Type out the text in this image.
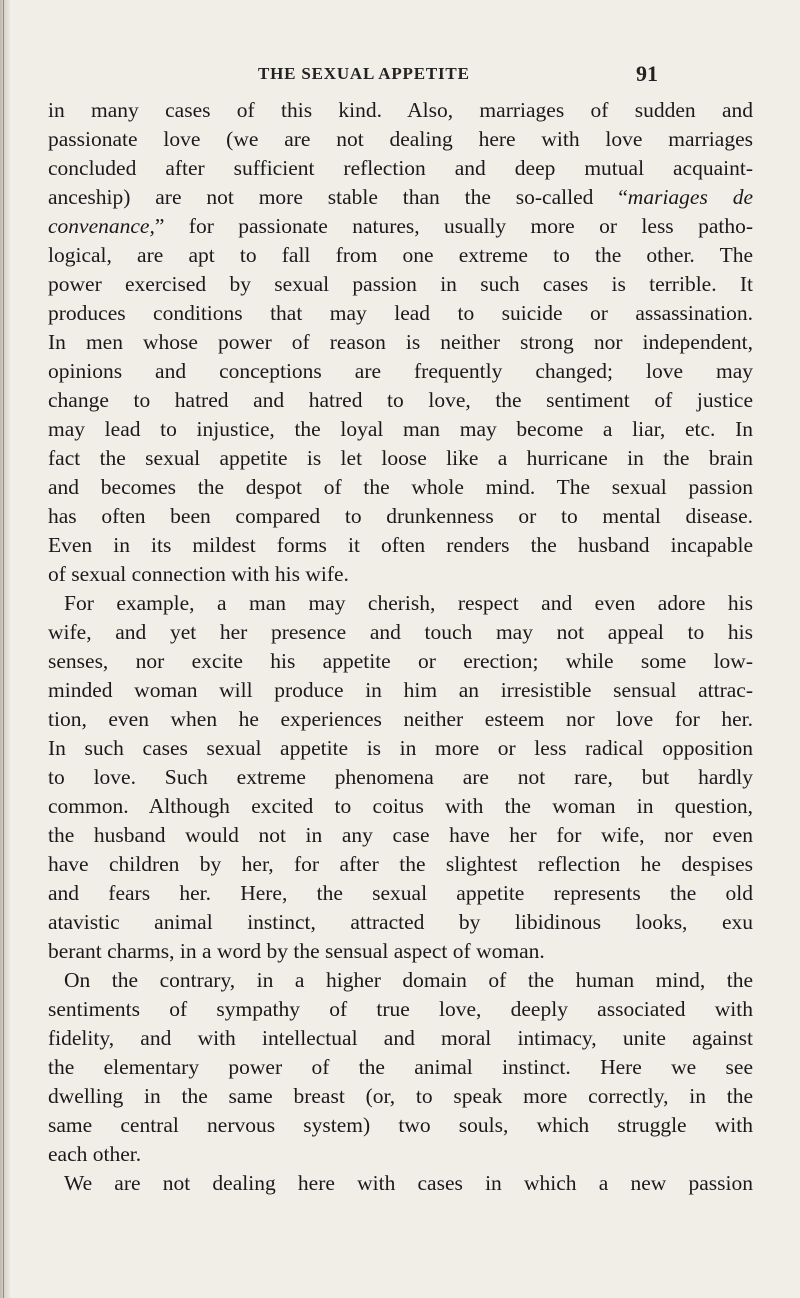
THE SEXUAL APPETITE	91
in many cases of this kind. Also, marriages of sudden and
passionate love (we are not dealing here with love marriages
concluded after sufficient reflection and deep mutual acquaint-
anceship) are not more stable than the so-called “mariages de
convenance,” for passionate natures, usually more or less patho-
logical, are apt to fall from one extreme to the other. The
power exercised by sexual passion in such cases is terrible. It
produces conditions that may lead to suicide or assassination.
In men whose power of reason is neither strong nor independent,
opinions and conceptions are frequently changed; love may
change to hatred and hatred to love, the sentiment of justice
may lead to injustice, the loyal man may become a liar, etc. In
fact the sexual appetite is let loose like a hurricane in the brain
and becomes the despot of the whole mind. The sexual passion
has often been compared to drunkenness or to mental disease.
Even in its mildest forms it often renders the husband incapable
of sexual connection with his wife.
For example, a man may cherish, respect and even adore his
wife, and yet her presence and touch may not appeal to his
senses, nor excite his appetite or erection; while some low-
minded woman will produce in him an irresistible sensual attrac-
tion, even when he experiences neither esteem nor love for her.
In such cases sexual appetite is in more or less radical opposition
to love. Such extreme phenomena are not rare, but hardly
common. Although excited to coitus with the woman in question,
the husband would not in any case have her for wife, nor even
have children by her, for after the slightest reflection he despises
and fears her. Here, the sexual appetite represents the old
atavistic animal instinct, attracted by libidinous looks, exu
berant charms, in a word by the sensual aspect of woman.
On the contrary, in a higher domain of the human mind, the
sentiments of sympathy of true love, deeply associated with
fidelity, and with intellectual and moral intimacy, unite against
the elementary power of the animal instinct. Here we see
dwelling in the same breast (or, to speak more correctly, in the
same central nervous system) two souls, which struggle with
each other.
We are not dealing here with cases in which a new passion
